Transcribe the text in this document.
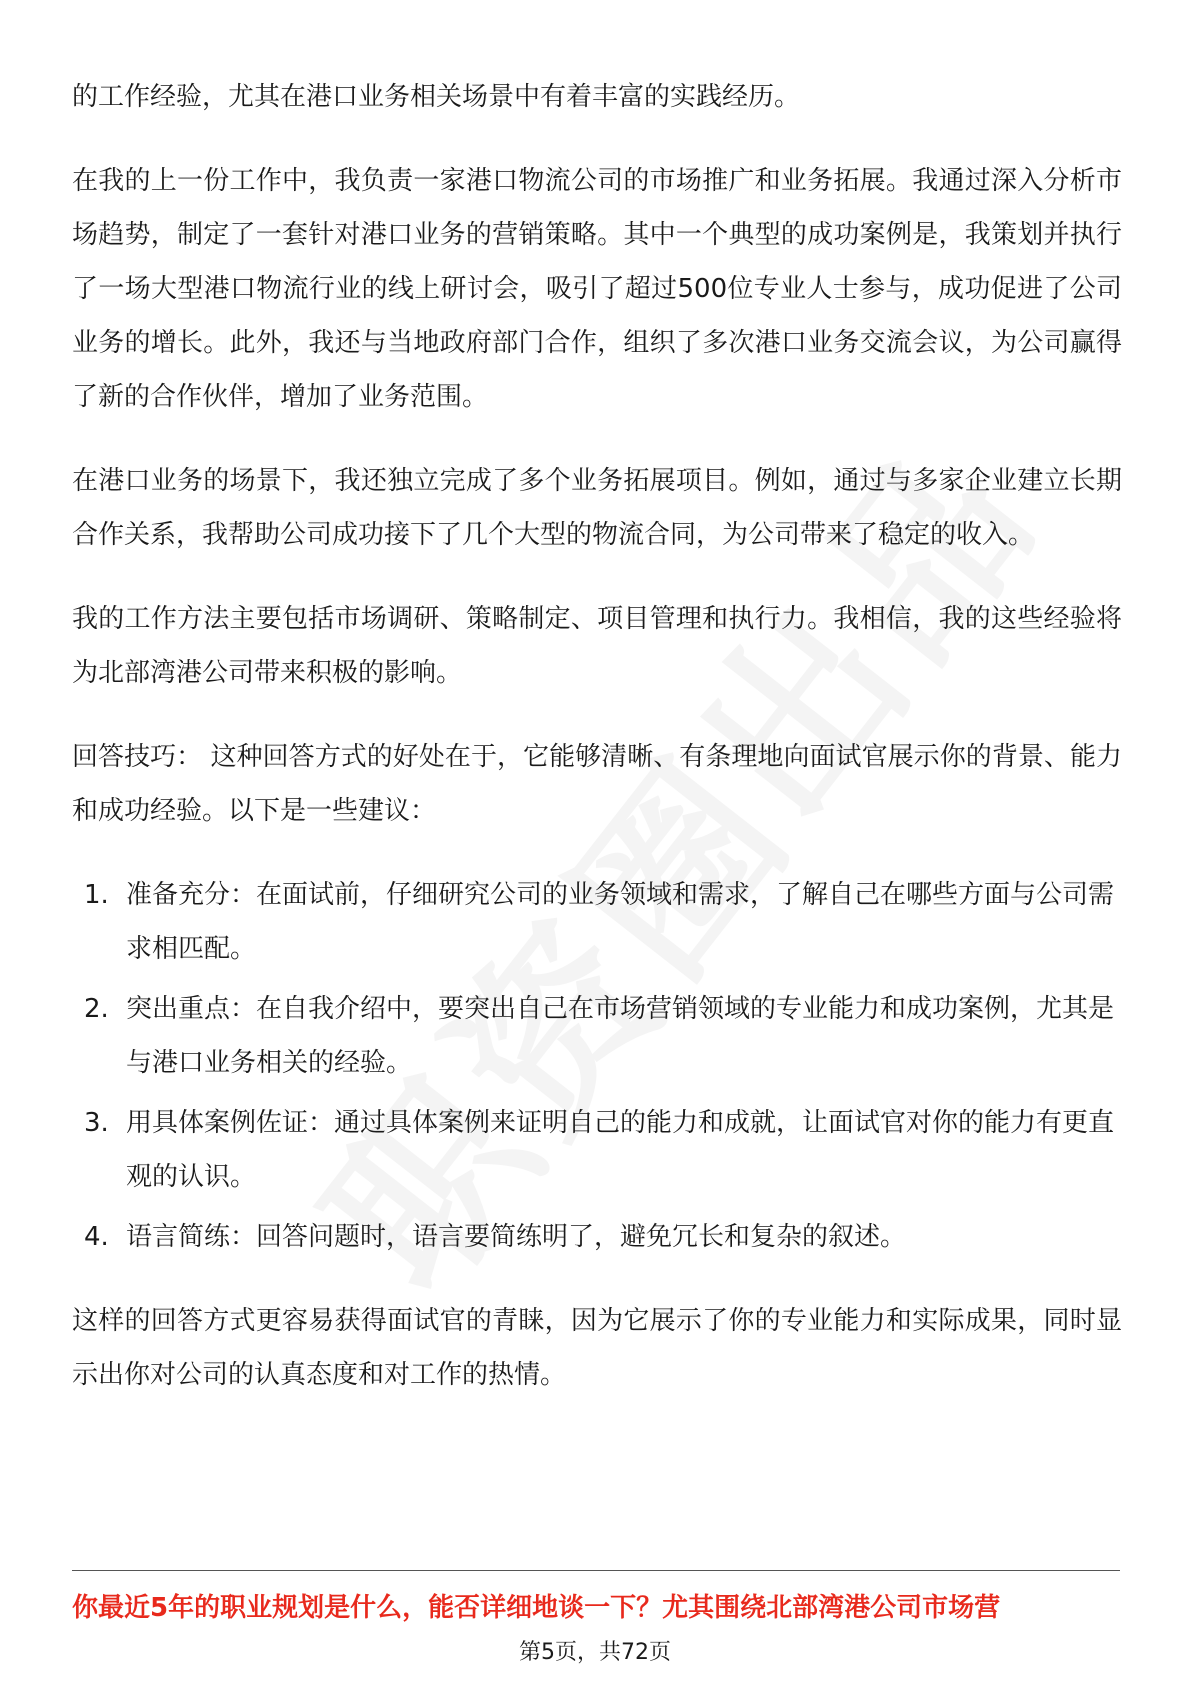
的工作经验，尤其在港口业务相关场景中有着丰富的实践经历。

在我的上一份工作中，我负责一家港口物流公司的市场推广和业务拓展。我通过深入分析市场趋势，制定了一套针对港口业务的营销策略。其中一个典型的成功案例是，我策划并执行了一场大型港口物流行业的线上研讨会，吸引了超过500位专业人士参与，成功促进了公司业务的增长。此外，我还与当地政府部门合作，组织了多次港口业务交流会议，为公司赢得了新的合作伙伴，增加了业务范围。

在港口业务的场景下，我还独立完成了多个业务拓展项目。例如，通过与多家企业建立长期合作关系，我帮助公司成功接下了几个大型的物流合同，为公司带来了稳定的收入。

我的工作方法主要包括市场调研、策略制定、项目管理和执行力。我相信，我的这些经验将为北部湾港公司带来积极的影响。

回答技巧： 这种回答方式的好处在于，它能够清晰、有条理地向面试官展示你的背景、能力和成功经验。以下是一些建议：

1. 准备充分：在面试前，仔细研究公司的业务领域和需求，了解自己在哪些方面与公司需求相匹配。
2. 突出重点：在自我介绍中，要突出自己在市场营销领域的专业能力和成功案例，尤其是与港口业务相关的经验。
3. 用具体案例佐证：通过具体案例来证明自己的能力和成就，让面试官对你的能力有更直观的认识。
4. 语言简练：回答问题时，语言要简练明了，避免冗长和复杂的叙述。

这样的回答方式更容易获得面试官的青睐，因为它展示了你的专业能力和实际成果，同时显示出你对公司的认真态度和对工作的热情。

你最近5年的职业规划是什么，能否详细地谈一下？尤其围绕北部湾港公司市场营
第5页，共72页
